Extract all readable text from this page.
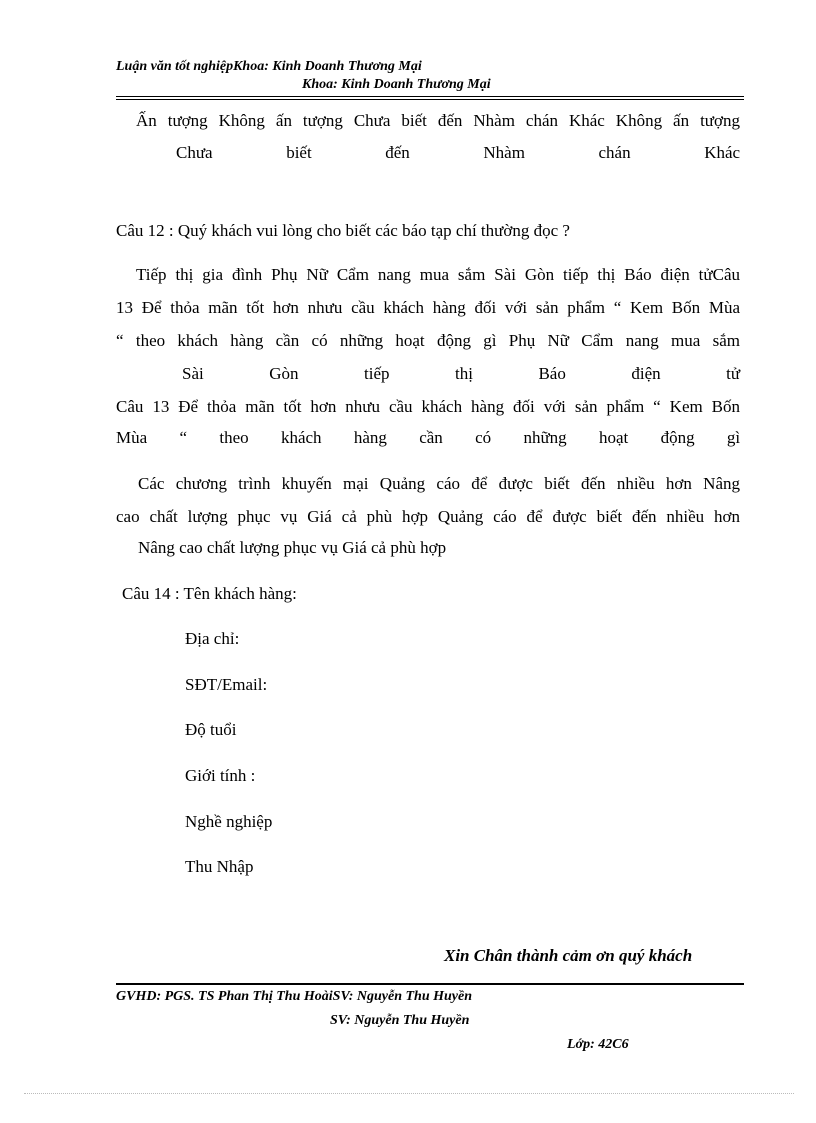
Luận văn tốt nghiệpKhoa: Kinh Doanh Thương Mại
Khoa: Kinh Doanh Thương Mại
Ấn tượng Không ấn tượng Chưa biết đến Nhàm chán Khác Không ấn tượng
Chưa	biết	đến	Nhàm	chán	Khác
Câu 12 : Quý khách vui lòng cho biết các báo tạp chí thường đọc ?
Tiếp thị gia đình Phụ Nữ Cẩm nang mua sắm Sài Gòn tiếp thị Báo điện tửCâu
13 Để thỏa mãn tốt hơn nhưu cầu khách hàng đối với sản phẩm “ Kem Bốn Mùa
“ theo khách hàng cần có những hoạt động gì Phụ Nữ Cẩm nang mua sắm
Sài	Gòn	tiếp	thị	Báo	điện	tử
Câu 13 Để thỏa mãn tốt hơn nhưu cầu khách hàng đối với sản phẩm “ Kem Bốn
Mùa “ theo khách hàng cần có những hoạt động gì
Các chương trình khuyến mại Quảng cáo để được biết đến nhiều hơn Nâng
cao chất lượng phục vụ Giá cả phù hợp Quảng cáo để được biết đến nhiều hơn
Nâng cao chất lượng phục vụ Giá cả phù hợp
Câu 14 : Tên khách hàng:
Địa chỉ:
SĐT/Email:
Độ tuổi
Giới tính :
Nghề nghiệp
Thu Nhập
Xin Chân thành cảm ơn quý khách
GVHD: PGS. TS Phan Thị Thu HoàiSV: Nguyễn Thu Huyền
SV: Nguyễn Thu Huyền
Lớp: 42C6
